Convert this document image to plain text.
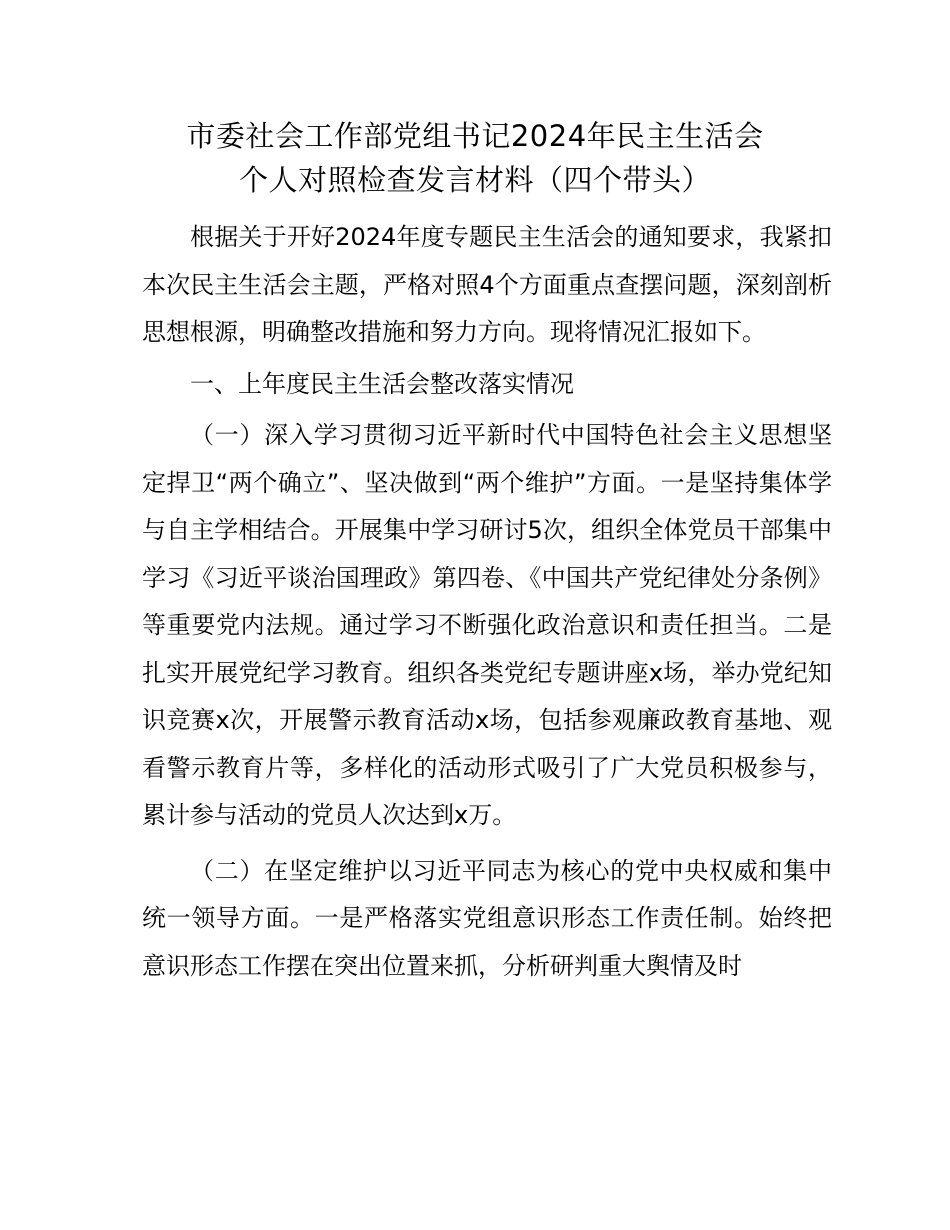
市委社会工作部党组书记2024年民主生活会
个人对照检查发言材料（四个带头）

根据关于开好2024年度专题民主生活会的通知要求，我紧扣本次民主生活会主题，严格对照4个方面重点查摆问题，深刻剖析思想根源，明确整改措施和努力方向。现将情况汇报如下。

一、上年度民主生活会整改落实情况

（一）深入学习贯彻习近平新时代中国特色社会主义思想坚定捍卫“两个确立”、坚决做到“两个维护”方面。一是坚持集体学与自主学相结合。开展集中学习研讨5次，组织全体党员干部集中学习《习近平谈治国理政》第四卷、《中国共产党纪律处分条例》等重要党内法规。通过学习不断强化政治意识和责任担当。二是扎实开展党纪学习教育。组织各类党纪专题讲座x场，举办党纪知识竞赛x次，开展警示教育活动x场，包括参观廉政教育基地、观看警示教育片等，多样化的活动形式吸引了广大党员积极参与，累计参与活动的党员人次达到x万。

（二）在坚定维护以习近平同志为核心的党中央权威和集中统一领导方面。一是严格落实党组意识形态工作责任制。始终把意识形态工作摆在突出位置来抓，分析研判重大舆情及时
